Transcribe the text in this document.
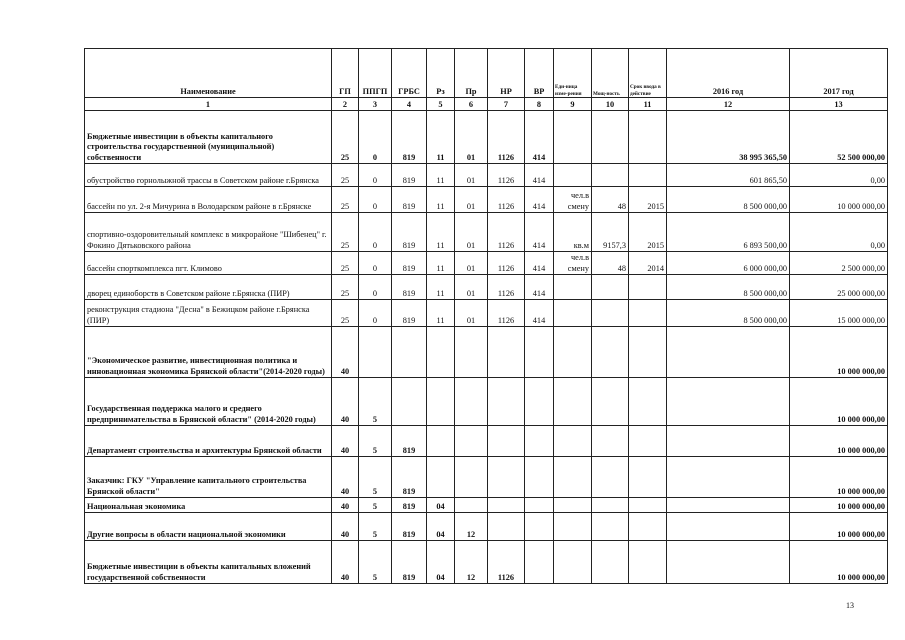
Наименование	ГП	ППГП	ГРБС	Рз	Пр	НР	ВР	Еди-ница изме-рения	Мощ-ность	Срок ввода в действие	2016 год	2017 год
1	2	3	4	5	6	7	8	9	10	11	12	13
Бюджетные инвестиции в объекты капитального строительства государственной (муниципальной) собственности	25	0	819	11	01	1126	414				38 995 365,50	52 500 000,00
обустройство горнолыжной трассы в Советском районе г.Брянска	25	0	819	11	01	1126	414				601 865,50	0,00
бассейн по ул. 2-я Мичурина в Володарском районе в г.Брянске	25	0	819	11	01	1126	414	чел.в смену	48	2015	8 500 000,00	10 000 000,00
спортивно-оздоровительный комплекс в микрорайоне "Шибенец" г. Фокино Дятьковского района	25	0	819	11	01	1126	414	кв.м	9157,3	2015	6 893 500,00	0,00
бассейн спорткомплекса пгт. Климово	25	0	819	11	01	1126	414	чел.в смену	48	2014	6 000 000,00	2 500 000,00
дворец единоборств в Советском районе г.Брянска (ПИР)	25	0	819	11	01	1126	414				8 500 000,00	25 000 000,00
реконструкция стадиона "Десна" в Бежицком районе г.Брянска (ПИР)	25	0	819	11	01	1126	414				8 500 000,00	15 000 000,00
"Экономическое развитие, инвестиционная политика и инновационная экономика Брянской области"(2014-2020 годы)	40											10 000 000,00
Государственная поддержка малого и среднего предпринимательства в Брянской области" (2014-2020 годы)	40	5										10 000 000,00
Департамент строительства и архитектуры Брянской области	40	5	819									10 000 000,00
Заказчик: ГКУ "Управление капитального строительства Брянской области"	40	5	819									10 000 000,00
Национальная экономика	40	5	819	04								10 000 000,00
Другие вопросы в области национальной экономики	40	5	819	04	12							10 000 000,00
Бюджетные инвестиции в объекты капитальных вложений государственной собственности	40	5	819	04	12	1126						10 000 000,00
13
